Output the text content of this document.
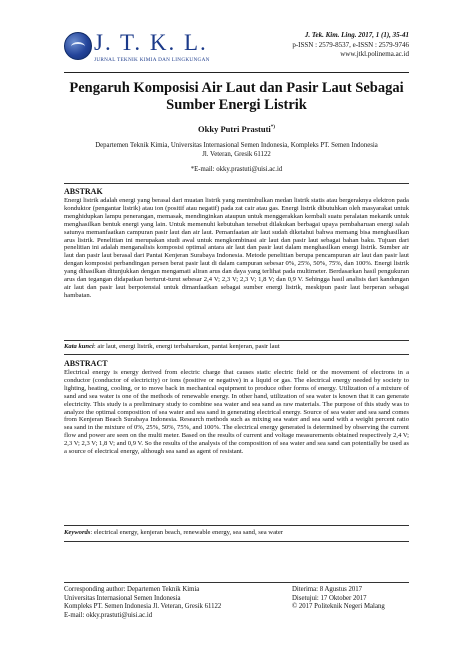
J. T. K. L.
JURNAL TEKNIK KIMIA DAN LINGKUNGAN
J. Tek. Kim. Ling. 2017, 1 (1), 35-41
p-ISSN : 2579-8537, e-ISSN : 2579-9746
www.jtkl.polinema.ac.id
Pengaruh Komposisi Air Laut dan Pasir Laut Sebagai Sumber Energi Listrik
Okky Putri Prastuti*)
Departemen Teknik Kimia, Universitas Internasional Semen Indonesia, Kompleks PT. Semen Indonesia
Jl. Veteran, Gresik 61122
*E-mail: okky.prastuti@uisi.ac.id
ABSTRAK
Energi listrik adalah energi yang berasal dari muatan listrik yang menimbulkan medan listrik statis atau bergeraknya elektron pada konduktor (pengantar listrik) atau ion (positif atau negatif) pada zat cair atau gas. Energi listrik dibutuhkan oleh masyarakat untuk menghidupkan lampu penerangan, memasak, mendinginkan ataupun untuk menggerakkan kembali suatu peralatan mekanik untuk menghasilkan bentuk energi yang lain. Untuk memenuhi kebutuhan tersebut dilakukan berbagai upaya pembaharuan energi salah satunya memanfaatkan campuran pasir laut dan air laut. Pemanfaatan air laut sudah diketahui bahwa memang bisa menghasilkan arus listrik. Penelitian ini merupakan studi awal untuk mengkombinasi air laut dan pasir laut sebagai bahan baku. Tujuan dari penelitian ini adalah menganalisis komposisi optimal antara air laut dan pasir laut dalam menghasilkan energi listrik. Sumber air laut dan pasir laut berasal dari Pantai Kenjeran Surabaya Indonesia. Metode penelitian berupa pencampuran air laut dan pasir laut dengan komposisi perbandingan persen berat pasir laut di dalam campuran sebesar 0%, 25%, 50%, 75%, dan 100%. Energi listrik yang dihasilkan ditunjukkan dengan mengamati aliran arus dan daya yang terlihat pada multimeter. Berdasarkan hasil pengukuran arus dan tegangan didapatkan berturut-turut sebesar 2,4 V; 2,3 V; 2,3 V; 1,8 V; dan 0,9 V. Sehingga hasil analisis dari kandungan air laut dan pasir laut berpotensial untuk dimanfaatkan sebagai sumber energi listrik, meskipun pasir laut berperan sebagai hambatan.
Kata kunci: air laut, energi listrik, energi terbaharukan, pantai kenjeran, pasir laut
ABSTRACT
Electrical energy is energy derived from electric charge that causes static electric field or the movement of electrons in a conductor (conductor of electricity) or ions (positive or negative) in a liquid or gas. The electrical energy needed by society to lighting, heating, cooling, or to move back in mechanical equipment to produce other forms of energy. Utilization of a mixture of sand and sea water is one of the methods of renewable energy. In other hand, utilization of sea water is known that it can generate electricity. This study is a preliminary study to combine sea water and sea sand as raw materials. The purpose of this study was to analyze the optimal composition of sea water and sea sand in generating electrical energy. Source of sea water and sea sand comes from Kenjeran Beach Surabaya Indonesia. Research methods such as mixing sea water and sea sand with a weight percent ratio sea sand in the mixture of 0%, 25%, 50%, 75%, and 100%. The electrical energy generated is determined by observing the current flow and power are seen on the multi meter. Based on the results of current and voltage measurements obtained respectively 2,4 V; 2,3 V; 2,3 V; 1,8 V; and 0,9 V. So the results of the analysis of the composition of sea water and sea sand can potentially be used as a source of electrical energy, although sea sand as agent of resistant.
Keywords: electrical energy, kenjeran beach, renewable energy, sea sand, sea water
Corresponding author: Departemen Teknik Kimia
Universitas Internasional Semen Indonesia
Kompleks PT. Semen Indonesia Jl. Veteran, Gresik 61122
E-mail: okky.prastuti@uisi.ac.id
Diterima: 8 Agustus 2017
Disetujui: 17 Oktober 2017
© 2017 Politeknik Negeri Malang
